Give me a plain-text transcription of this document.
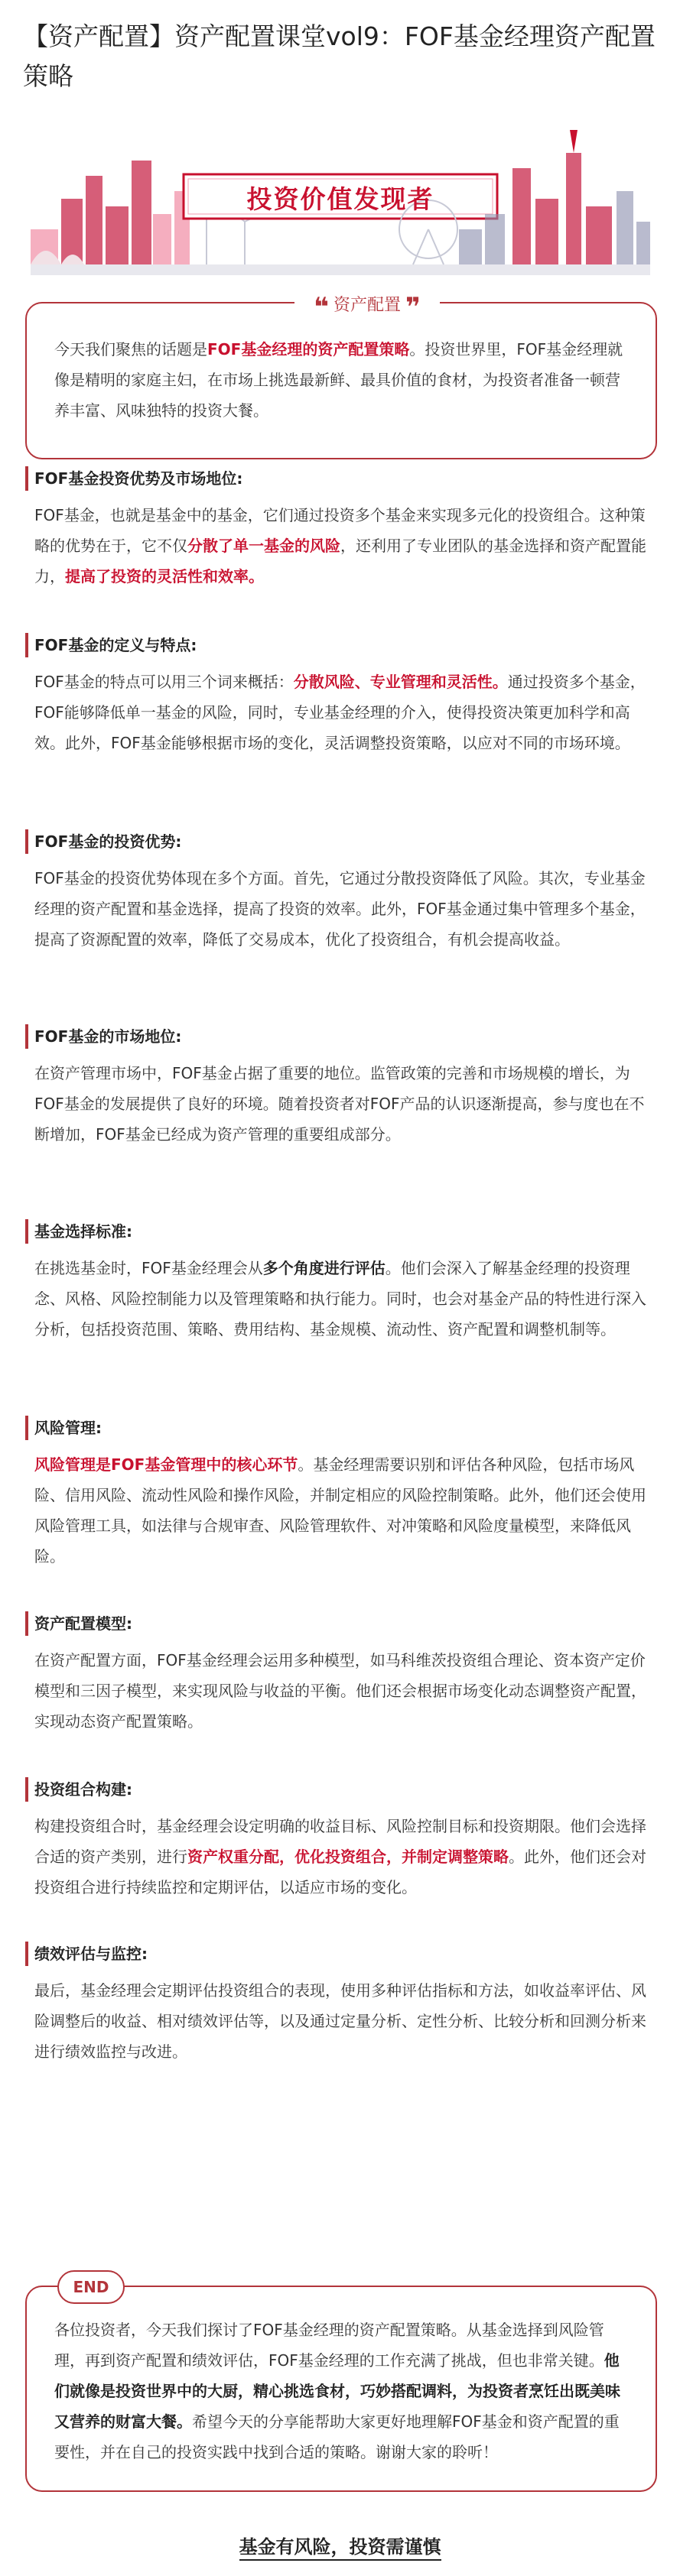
【资产配置】资产配置课堂vol9：FOF基金经理资产配置策略
投资价值发现者
❝ 资产配置 ❞
今天我们聚焦的话题是FOF基金经理的资产配置策略。投资世界里，FOF基金经理就像是精明的家庭主妇，在市场上挑选最新鲜、最具价值的食材，为投资者准备一顿营养丰富、风味独特的投资大餐。
FOF基金投资优势及市场地位:
FOF基金，也就是基金中的基金，它们通过投资多个基金来实现多元化的投资组合。这种策略的优势在于，它不仅分散了单一基金的风险，还利用了专业团队的基金选择和资产配置能力，提高了投资的灵活性和效率。
FOF基金的定义与特点:
FOF基金的特点可以用三个词来概括：分散风险、专业管理和灵活性。通过投资多个基金，FOF能够降低单一基金的风险，同时，专业基金经理的介入，使得投资决策更加科学和高效。此外，FOF基金能够根据市场的变化，灵活调整投资策略，以应对不同的市场环境。
FOF基金的投资优势:
FOF基金的投资优势体现在多个方面。首先，它通过分散投资降低了风险。其次，专业基金经理的资产配置和基金选择，提高了投资的效率。此外，FOF基金通过集中管理多个基金，提高了资源配置的效率，降低了交易成本，优化了投资组合，有机会提高收益。
FOF基金的市场地位:
在资产管理市场中，FOF基金占据了重要的地位。监管政策的完善和市场规模的增长，为FOF基金的发展提供了良好的环境。随着投资者对FOF产品的认识逐渐提高，参与度也在不断增加，FOF基金已经成为资产管理的重要组成部分。
基金选择标准:
在挑选基金时，FOF基金经理会从多个角度进行评估。他们会深入了解基金经理的投资理念、风格、风险控制能力以及管理策略和执行能力。同时，也会对基金产品的特性进行深入分析，包括投资范围、策略、费用结构、基金规模、流动性、资产配置和调整机制等。
风险管理:
风险管理是FOF基金管理中的核心环节。基金经理需要识别和评估各种风险，包括市场风险、信用风险、流动性风险和操作风险，并制定相应的风险控制策略。此外，他们还会使用风险管理工具，如法律与合规审查、风险管理软件、对冲策略和风险度量模型，来降低风险。
资产配置模型:
在资产配置方面，FOF基金经理会运用多种模型，如马科维茨投资组合理论、资本资产定价模型和三因子模型，来实现风险与收益的平衡。他们还会根据市场变化动态调整资产配置，实现动态资产配置策略。
投资组合构建:
构建投资组合时，基金经理会设定明确的收益目标、风险控制目标和投资期限。他们会选择合适的资产类别，进行资产权重分配，优化投资组合，并制定调整策略。此外，他们还会对投资组合进行持续监控和定期评估，以适应市场的变化。
绩效评估与监控:
最后，基金经理会定期评估投资组合的表现，使用多种评估指标和方法，如收益率评估、风险调整后的收益、相对绩效评估等，以及通过定量分析、定性分析、比较分析和回测分析来进行绩效监控与改进。
END
各位投资者，今天我们探讨了FOF基金经理的资产配置策略。从基金选择到风险管理，再到资产配置和绩效评估，FOF基金经理的工作充满了挑战，但也非常关键。他们就像是投资世界中的大厨，精心挑选食材，巧妙搭配调料，为投资者烹饪出既美味又营养的财富大餐。希望今天的分享能帮助大家更好地理解FOF基金和资产配置的重要性，并在自己的投资实践中找到合适的策略。谢谢大家的聆听！
基金有风险，投资需谨慎
